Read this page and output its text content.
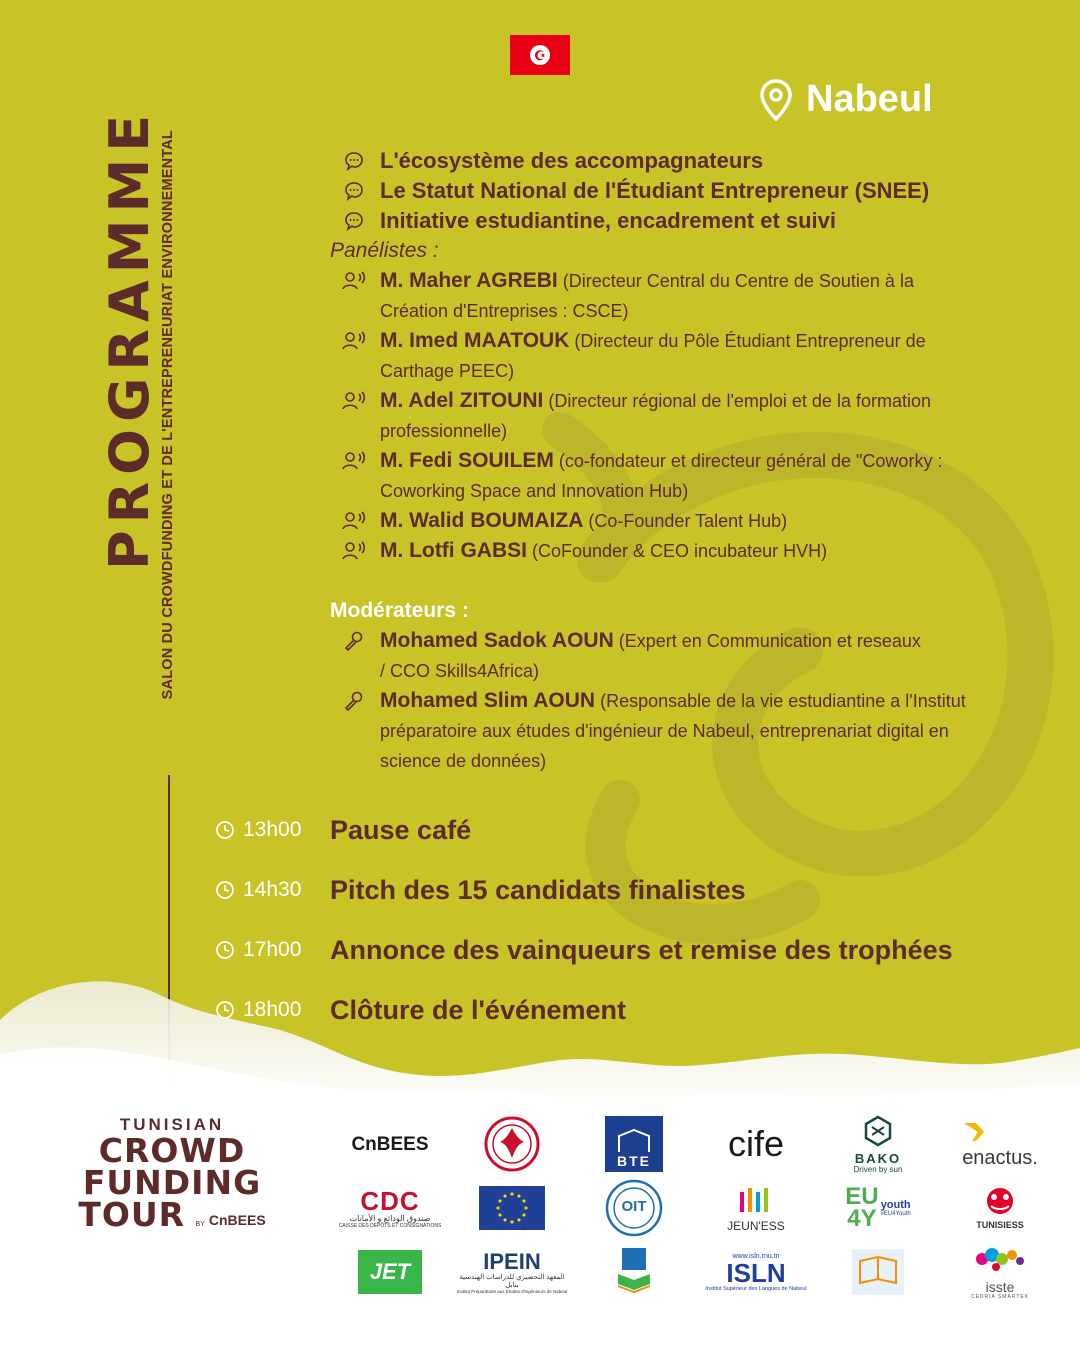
☪
Nabeul
PROGRAMME SALON DU CROWDFUNDING ET DE L'ENTREPRENEURIAT ENVIRONNEMENTAL	L'écosystème des accompagnateurs
Le Statut National de l'Étudiant Entrepreneur (SNEE)
Initiative estudiantine, encadrement et suivi
Panélistes :
M. Maher AGREBI (Directeur Central du Centre de Soutien à la
Création d'Entreprises : CSCE)
M. Imed MAATOUK (Directeur du Pôle Étudiant Entrepreneur de
Carthage PEEC)
M. Adel ZITOUNI (Directeur régional de l'emploi et de la formation
professionnelle)
M. Fedi SOUILEM (co-fondateur et directeur général de "Coworky :
Coworking Space and Innovation Hub)
M. Walid BOUMAIZA (Co-Founder Talent Hub)
M. Lotfi GABSI (CoFounder & CEO incubateur HVH)
Modérateurs :
Mohamed Sadok AOUN (Expert en Communication et reseaux
/ CCO Skills4Africa)
Mohamed Slim AOUN (Responsable de la vie estudiantine a l'Institut
préparatoire aux études d'ingénieur de Nabeul, entreprenariat digital en
science de données)
13h00 Pause café
14h30 Pitch des 15 candidats finalistes
17h00 Annonce des vainqueurs et remise des trophées
18h00 Clôture de l'événement
TUNISIAN
CROWD
FUNDING
TOUR BY CnBEES
CnBEES
BTE cife	BAKO
Driven by sun
enactus.
CDC
صندوق الودائع و الأمانات
CAISSE DES DÉPÔTS ET CONSIGNATIONS
OIT
JEUN'ESS
EU
4Y
youth
#EU4Youth
TUNISIESS
JET	IPEIN
المعهد التحضيري للدراسات الهندسية بنابل
Institut Préparatoire aux Etudes d'Ingénieurs de Nabeul
www.isln.rnu.tn
ISLN
Institut Supérieur des Langues de Nabeul	isste
CEDRIA SMARTEK
